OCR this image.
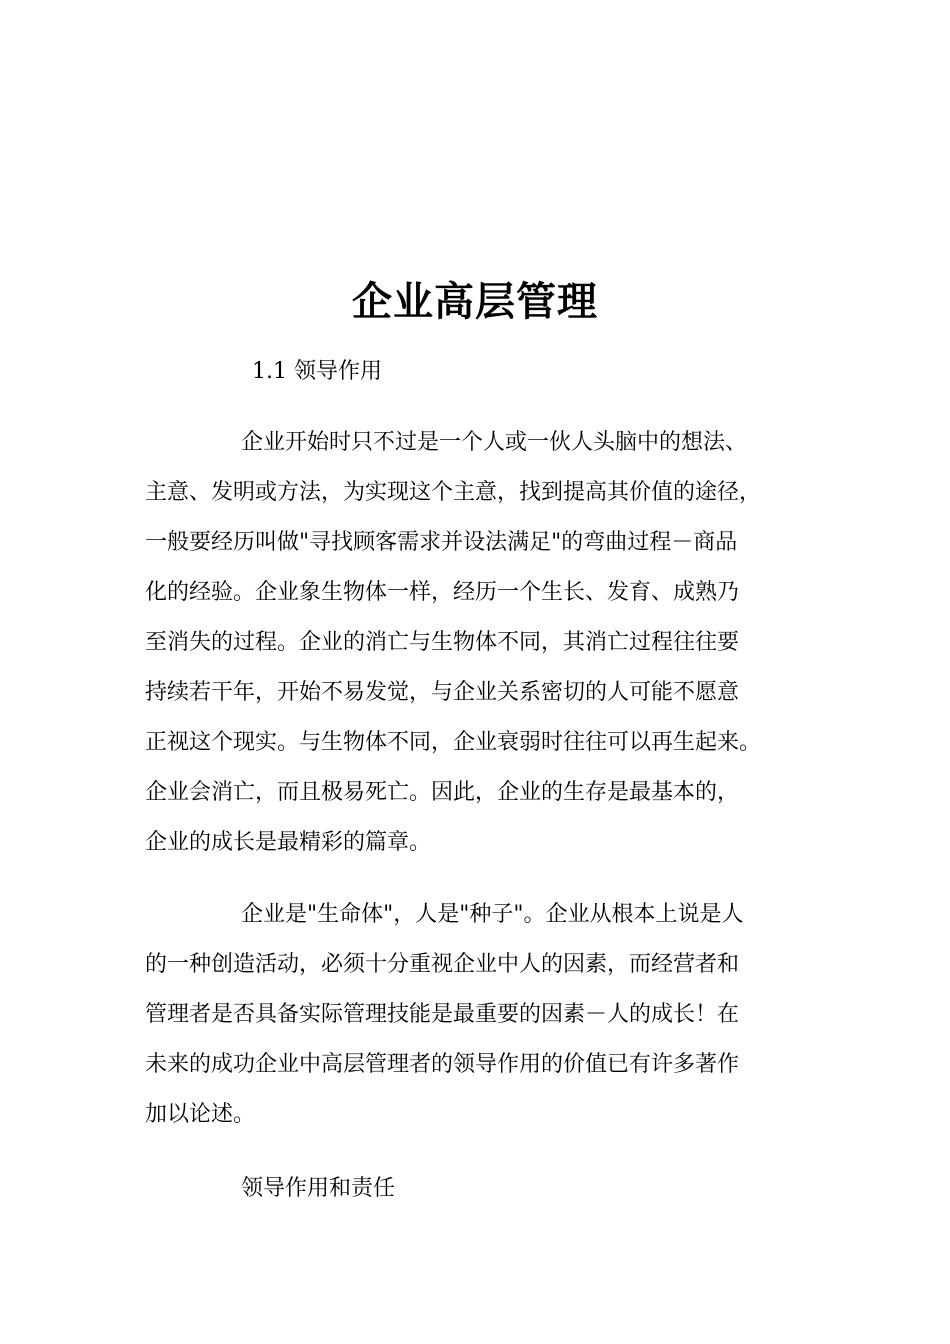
企业高层管理
1.1 领导作用
企业开始时只不过是一个人或一伙人头脑中的想法、
主意、发明或方法，为实现这个主意，找到提高其价值的途径，
一般要经历叫做"寻找顾客需求并设法满足"的弯曲过程－商品
化的经验。企业象生物体一样，经历一个生长、发育、成熟乃
至消失的过程。企业的消亡与生物体不同，其消亡过程往往要
持续若干年，开始不易发觉，与企业关系密切的人可能不愿意
正视这个现实。与生物体不同，企业衰弱时往往可以再生起来。
企业会消亡，而且极易死亡。因此，企业的生存是最基本的，
企业的成长是最精彩的篇章。
企业是"生命体"，人是"种子"。企业从根本上说是人
的一种创造活动，必须十分重视企业中人的因素，而经营者和
管理者是否具备实际管理技能是最重要的因素－人的成长！在
未来的成功企业中高层管理者的领导作用的价值已有许多著作
加以论述。
领导作用和责任
